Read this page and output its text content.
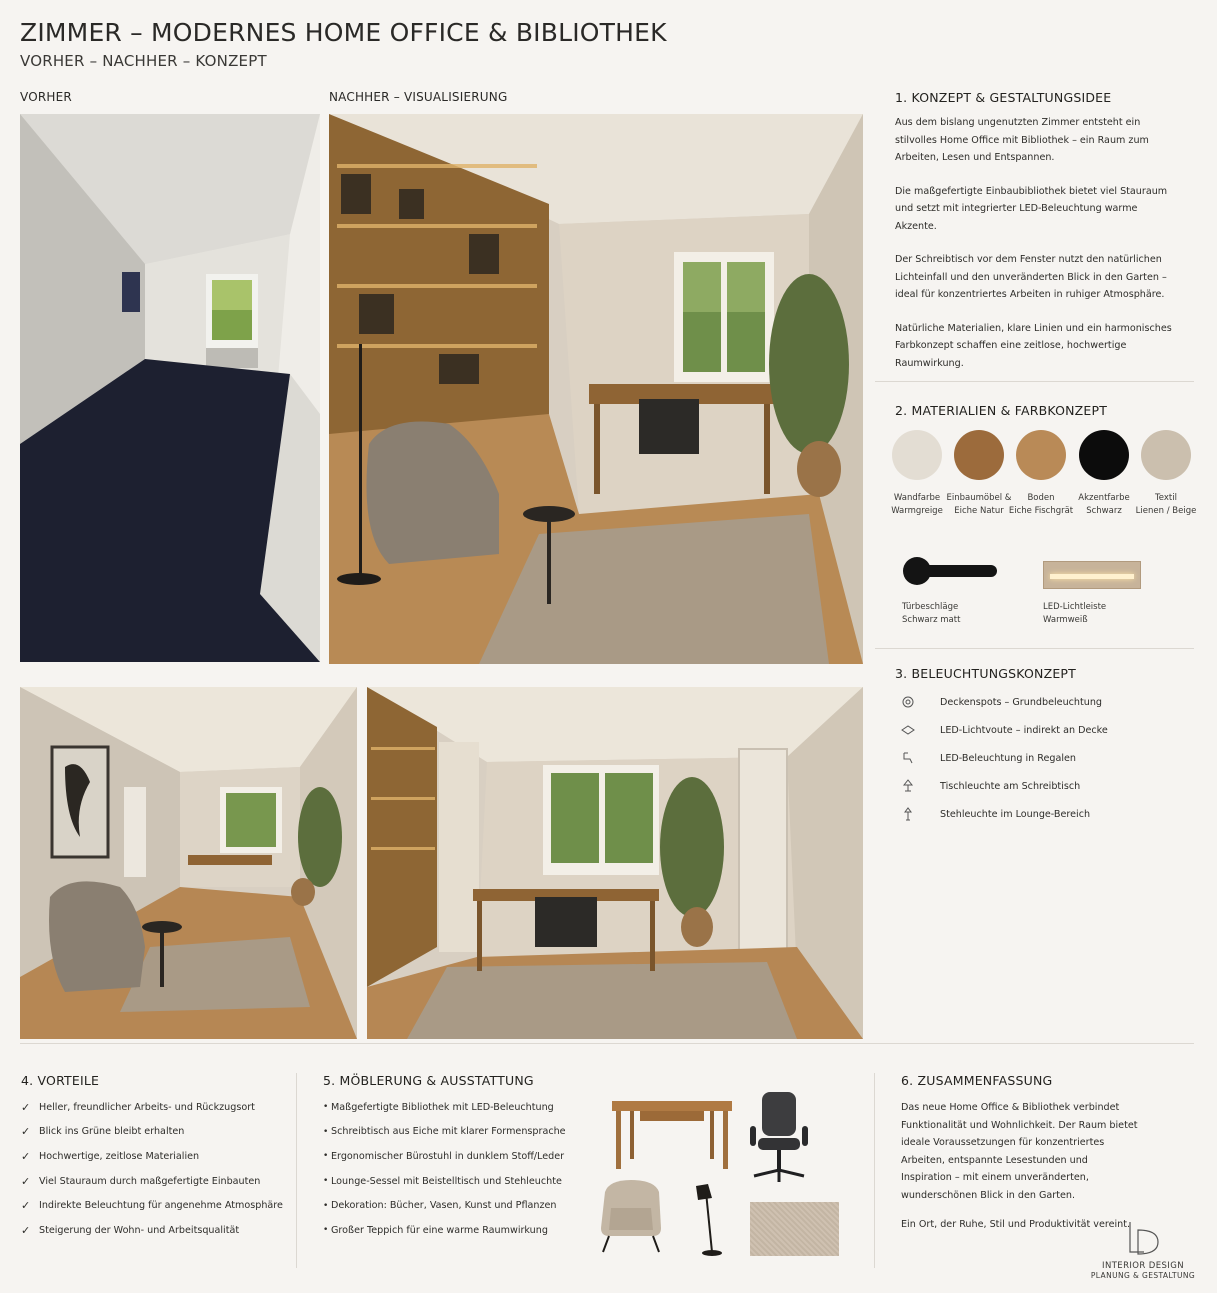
ZIMMER – MODERNES HOME OFFICE & BIBLIOTHEK
VORHER – NACHHER – KONZEPT
VORHER	NACHHER – VISUALISIERUNG	1. KONZEPT & GESTALTUNGSIDEE

Aus dem bislang ungenutzten Zimmer entsteht ein stilvolles Home Office mit Bibliothek – ein Raum zum Arbeiten, Lesen und Entspannen.

Die maßgefertigte Einbaubibliothek bietet viel Stauraum und setzt mit integrierter LED-Beleuchtung warme Akzente.

Der Schreibtisch vor dem Fenster nutzt den natürlichen Lichteinfall und den unveränderten Blick in den Garten – ideal für konzentriertes Arbeiten in ruhiger Atmosphäre.

Natürliche Materialien, klare Linien und ein harmonisches Farbkonzept schaffen eine zeitlose, hochwertige Raumwirkung.

2. MATERIALIEN & FARBKONZEPT
Wandfarbe
Warmgreige
Einbaumöbel &
Eiche Natur
Boden
Eiche Fischgrät
Akzentfarbe
Schwarz
Textil
Lienen / Beige
Türbeschläge
Schwarz matt
LED-Lichtleiste
Warmweiß
3. BELEUCHTUNGSKONZEPT
Deckenspots – Grundbeleuchtung
LED-Lichtvoute – indirekt an Decke
LED-Beleuchtung in Regalen
Tischleuchte am Schreibtisch
Stehleuchte im Lounge-Bereich
4. VORTEILE
✓ Heller, freundlicher Arbeits- und Rückzugsort
✓ Blick ins Grüne bleibt erhalten
✓ Hochwertige, zeitlose Materialien
✓ Viel Stauraum durch maßgefertigte Einbauten
✓ Indirekte Beleuchtung für angenehme Atmosphäre
✓ Steigerung der Wohn- und Arbeitsqualität
5. MÖBLERUNG & AUSSTATTUNG
• Maßgefertigte Bibliothek mit LED-Beleuchtung
• Schreibtisch aus Eiche mit klarer Formensprache
• Ergonomischer Bürostuhl in dunklem Stoff/Leder
• Lounge-Sessel mit Beistelltisch und Stehleuchte
• Dekoration: Bücher, Vasen, Kunst und Pflanzen
• Großer Teppich für eine warme Raumwirkung
6. ZUSAMMENFASSUNG

Das neue Home Office & Bibliothek verbindet Funktionalität und Wohnlichkeit. Der Raum bietet ideale Voraussetzungen für konzentriertes Arbeiten, entspannte Lesestunden und Inspiration – mit einem unveränderten, wunderschönen Blick in den Garten.

Ein Ort, der Ruhe, Stil und Produktivität vereint.

INTERIOR DESIGN
PLANUNG & GESTALTUNG
